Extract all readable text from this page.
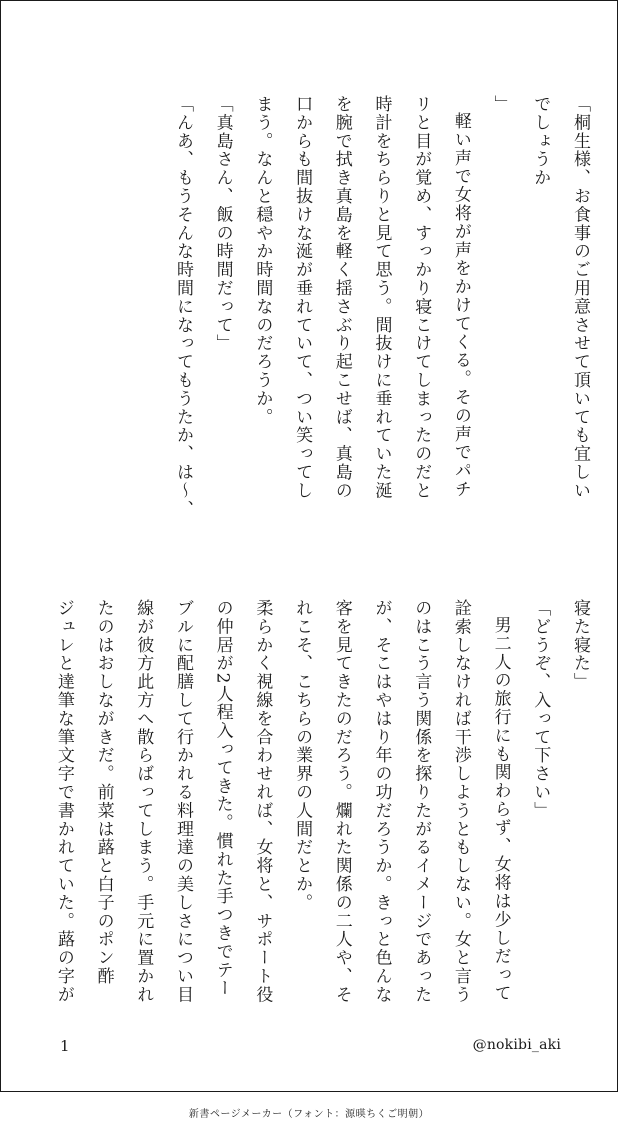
「桐生様、お食事のご用意させて頂いても宜しい
でしょうか
」
軽い声で女将が声をかけてくる。その声でパチ
リと目が覚め、すっかり寝こけてしまったのだと
時計をちらりと見て思う。間抜けに垂れていた涎
を腕で拭き真島を軽く揺さぶり起こせば、真島の
口からも間抜けな涎が垂れていて、つい笑ってし
まう。なんと穏やか時間なのだろうか。
「真島さん、飯の時間だって」
「んあ、もうそんな時間になってもうたか、は〜、
寝た寝た」
「どうぞ、入って下さい」
男二人の旅行にも関わらず、女将は少しだって
詮索しなければ干渉しようともしない。女と言う
のはこう言う関係を探りたがるイメージであった
が、そこはやはり年の功だろうか。きっと色んな
客を見てきたのだろう。爛れた関係の二人や、そ
れこそ、こちらの業界の人間だとか。
柔らかく視線を合わせれば、女将と、サポート役
の仲居が2人程入ってきた。慣れた手つきでテー
ブルに配膳して行かれる料理達の美しさについ目
線が彼方此方へ散らばってしまう。手元に置かれ
たのはおしながきだ。前菜は蕗と白子のポン酢
ジュレと達筆な筆文字で書かれていた。蕗の字が
1	@nokibi_aki
新書ページメーカー（フォント：源暎ちくご明朝）
